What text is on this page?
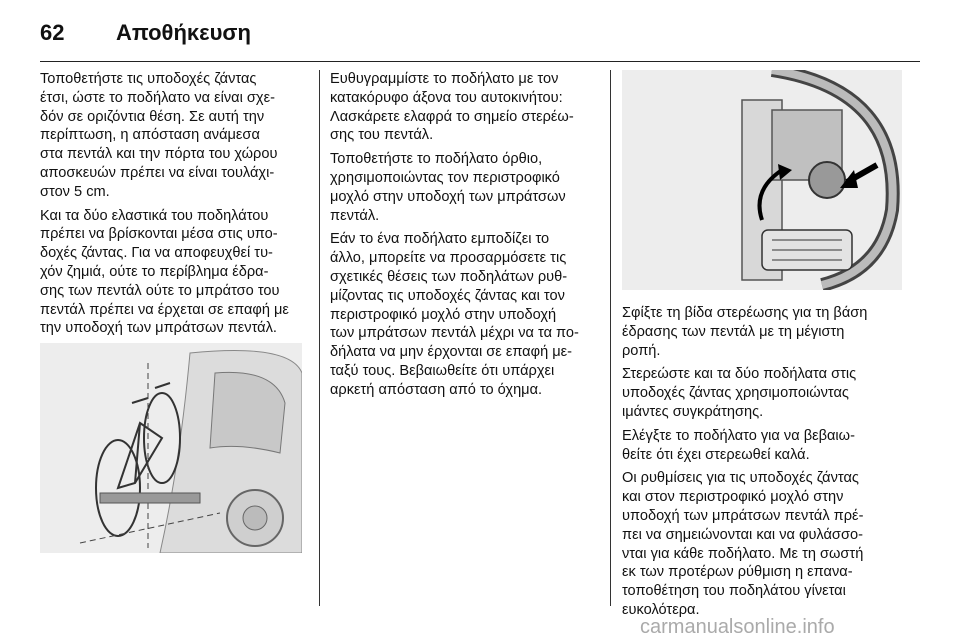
62 Αποθήκευση

Τοποθετήστε τις υποδοχές ζάντας
έτσι, ώστε το ποδήλατο να είναι σχε-
δόν σε οριζόντια θέση. Σε αυτή την
περίπτωση, η απόσταση ανάμεσα
στα πεντάλ και την πόρτα του χώρου
αποσκευών πρέπει να είναι τουλάχι-
στον 5 cm.

Και τα δύο ελαστικά του ποδηλάτου
πρέπει να βρίσκονται μέσα στις υπο-
δοχές ζάντας. Για να αποφευχθεί τυ-
χόν ζημιά, ούτε το περίβλημα έδρα-
σης των πεντάλ ούτε το μπράτσο του
πεντάλ πρέπει να έρχεται σε επαφή με
την υποδοχή των μπράτσων πεντάλ.

Ευθυγραμμίστε το ποδήλατο με τον
κατακόρυφο άξονα του αυτοκινήτου:
Λασκάρετε ελαφρά το σημείο στερέω-
σης του πεντάλ.

Τοποθετήστε το ποδήλατο όρθιο,
χρησιμοποιώντας τον περιστροφικό
μοχλό στην υποδοχή των μπράτσων
πεντάλ.

Εάν το ένα ποδήλατο εμποδίζει το
άλλο, μπορείτε να προσαρμόσετε τις
σχετικές θέσεις των ποδηλάτων ρυθ-
μίζοντας τις υποδοχές ζάντας και τον
περιστροφικό μοχλό στην υποδοχή
των μπράτσων πεντάλ μέχρι να τα πο-
δήλατα να μην έρχονται σε επαφή με-
ταξύ τους. Βεβαιωθείτε ότι υπάρχει
αρκετή απόσταση από το όχημα.

Σφίξτε τη βίδα στερέωσης για τη βάση
έδρασης των πεντάλ με τη μέγιστη
ροπή.

Στερεώστε και τα δύο ποδήλατα στις
υποδοχές ζάντας χρησιμοποιώντας
ιμάντες συγκράτησης.

Ελέγξτε το ποδήλατο για να βεβαιω-
θείτε ότι έχει στερεωθεί καλά.

Οι ρυθμίσεις για τις υποδοχές ζάντας
και στον περιστροφικό μοχλό στην
υποδοχή των μπράτσων πεντάλ πρέ-
πει να σημειώνονται και να φυλάσσο-
νται για κάθε ποδήλατο. Με τη σωστή
εκ των προτέρων ρύθμιση η επανα-
τοποθέτηση του ποδηλάτου γίνεται
ευκολότερα.

carmanualsonline.info
